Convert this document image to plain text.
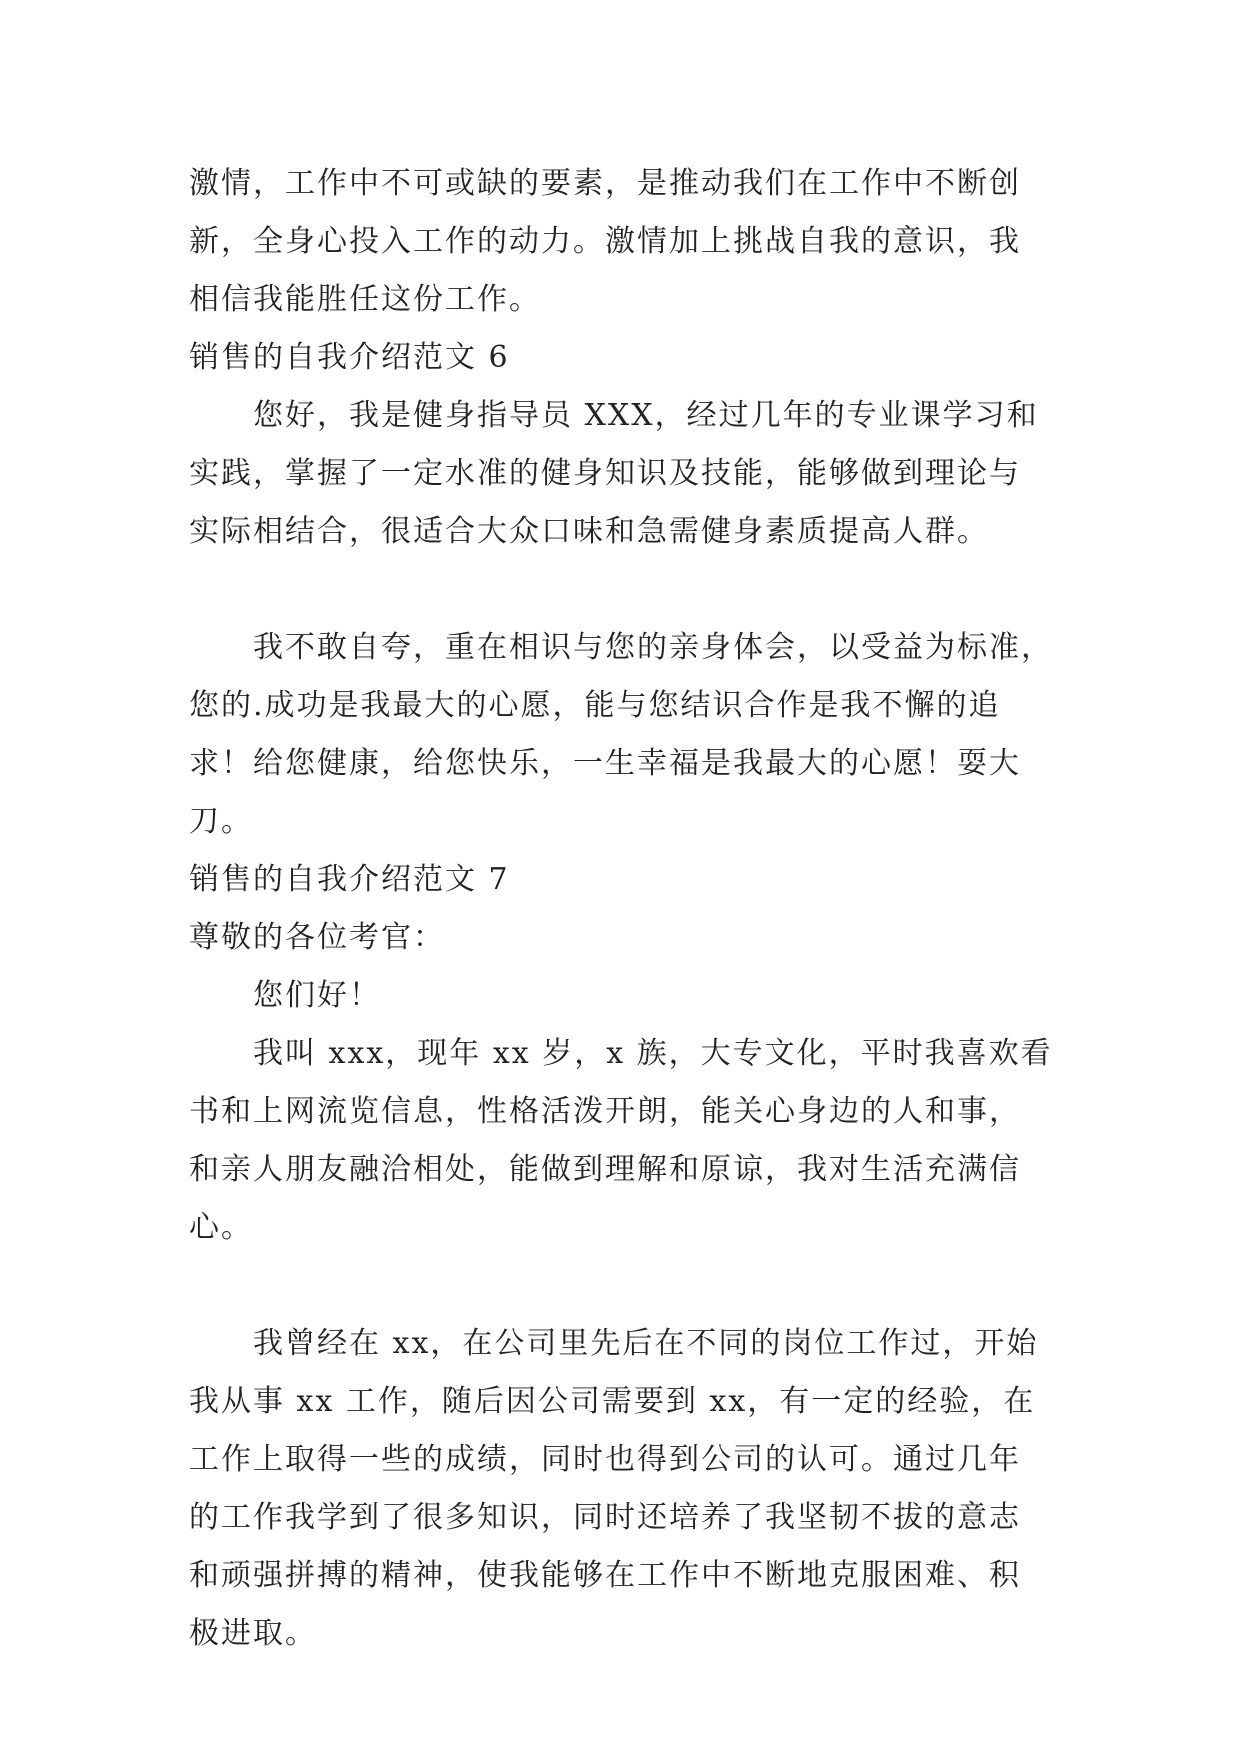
激情，工作中不可或缺的要素，是推动我们在工作中不断创
新，全身心投入工作的动力。激情加上挑战自我的意识，我
相信我能胜任这份工作。
销售的自我介绍范文 6
您好，我是健身指导员 XXX，经过几年的专业课学习和
实践，掌握了一定水准的健身知识及技能，能够做到理论与
实际相结合，很适合大众口味和急需健身素质提高人群。
我不敢自夸，重在相识与您的亲身体会，以受益为标准，
您的.成功是我最大的心愿，能与您结识合作是我不懈的追
求！给您健康，给您快乐，一生幸福是我最大的心愿！耍大
刀。
销售的自我介绍范文 7
尊敬的各位考官：
您们好！
我叫 xxx，现年 xx 岁，x 族，大专文化，平时我喜欢看
书和上网流览信息，性格活泼开朗，能关心身边的人和事，
和亲人朋友融洽相处，能做到理解和原谅，我对生活充满信
心。
我曾经在 xx，在公司里先后在不同的岗位工作过，开始
我从事 xx 工作，随后因公司需要到 xx，有一定的经验，在
工作上取得一些的成绩，同时也得到公司的认可。通过几年
的工作我学到了很多知识，同时还培养了我坚韧不拔的意志
和顽强拼搏的精神，使我能够在工作中不断地克服困难、积
极进取。
